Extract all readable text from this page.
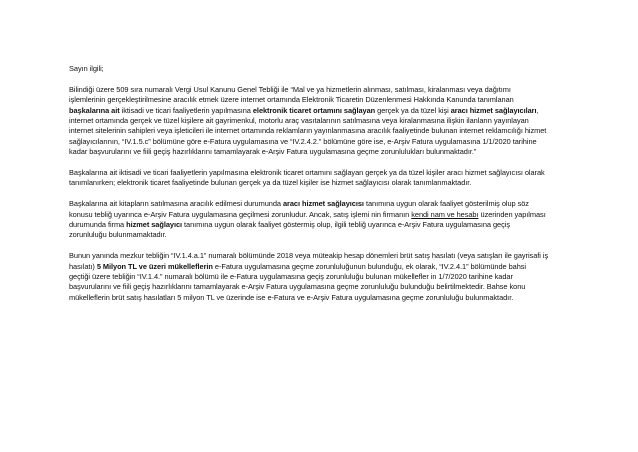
Sayın ilgili;

Bilindiği üzere 509 sıra numaralı Vergi Usul Kanunu Genel Tebliği ile “Mal ve ya hizmetlerin alınması, satılması, kiralanması veya dağıtımı işlemlerinin gerçekleştirilmesine aracılık etmek üzere internet ortamında Elektronik Ticaretin Düzenlenmesi Hakkında Kanunda tanımlanan başkalarına ait iktisadi ve ticari faaliyetlerin yapılmasına elektronik ticaret ortamını sağlayan gerçek ya da tüzel kişi aracı hizmet sağlayıcıları, internet ortamında gerçek ve tüzel kişilere ait gayrimenkul, motorlu araç vasıtalarının satılmasına veya kiralanmasına ilişkin ilanların yayınlayan internet sitelerinin sahipleri veya işleticileri ile internet ortamında reklamların yayınlanmasına aracılık faaliyetinde bulunan internet reklamcılığı hizmet sağlayıcılarının, “IV.1.5.c” bölümüne göre e-Fatura uygulamasına ve “IV.2.4.2.” bölümüne göre ise, e-Arşiv Fatura uygulamasına 1/1/2020 tarihine kadar başvurularını ve fiili geçiş hazırlıklarını tamamlayarak e-Arşiv Fatura uygulamasına geçme zorunlulukları bulunmaktadır.”

Başkalarına ait iktisadi ve ticari faaliyetlerin yapılmasına elektronik ticaret ortamını sağlayan gerçek ya da tüzel kişiler aracı hizmet sağlayıcısı olarak tanımlanırken; elektronik ticaret faaliyetinde bulunan gerçek ya da tüzel kişiler ise hizmet sağlayıcısı olarak tanımlanmaktadır.

Başkalarına ait kitapların satılmasına aracılık edilmesi durumunda aracı hizmet sağlayıcısı tanımına uygun olarak faaliyet gösterilmiş olup söz konusu tebliğ uyarınca e-Arşiv Fatura uygulamasına geçilmesi zorunludur. Ancak, satış işlemi nin firmanın kendi nam ve hesabı üzerinden yapılması durumunda firma hizmet sağlayıcı tanımına uygun olarak faaliyet göstermiş olup, ilgili tebliğ uyarınca e-Arşiv Fatura uygulamasına geçiş zorunluluğu bulunmamaktadır.

Bunun yanında mezkur tebliğin “IV.1.4.a.1” numaralı bölümünde 2018 veya müteakip hesap dönemleri brüt satış hasılatı (veya satışları ile gayrisafi iş hasılatı) 5 Milyon TL ve üzeri mükelleflerin e-Fatura uygulamasına geçme zorunluluğunun bulunduğu, ek olarak, “IV.2.4.1” bölümünde bahsi geçtiği üzere tebliğin “IV.1.4.” numaralı bölümü ile e-Fatura uygulamasına geçiş zorunluluğu bulunan mükellefler in 1/7/2020 tarihine kadar başvurularını ve fiili geçiş hazırlıklarını tamamlayarak e-Arşiv Fatura uygulamasına geçme zorunluluğu bulunduğu belirtilmektedir. Bahse konu mükelleflerin brüt satış hasılatları 5 milyon TL ve üzerinde ise e-Fatura ve e-Arşiv Fatura uygulamasına geçme zorunluluğu bulunmaktadır.
